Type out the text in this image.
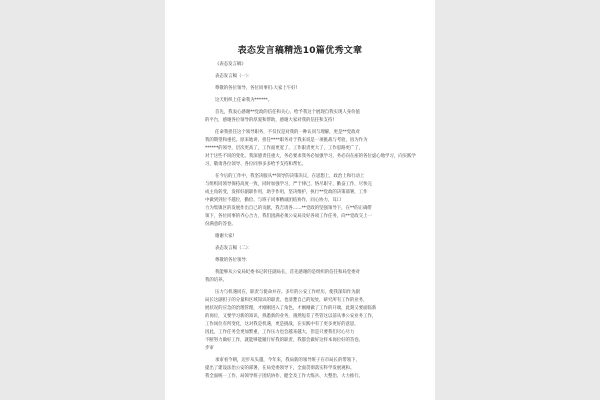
表态发言稿精选10篇优秀文章
《表态发言稿》
表态发言稿（一）：
尊敬的各位领导、各位同事们:大家上午好!
这天组织上任命我为******。
首先，我衷心感谢**党政的信任和关心，给予我这个展现自我实现人身价值
的平台，感谢各位领导的厚爱和帮助，感谢大家对我的信任和支持!
任命我担任这个领导职务，不仅仅是对我的一种认同与理解，更是**党政对
我的期望和重托。原来地讲，担任****职务对于我来说是一项挑战与考验，因为作为
******的领导，层次更高了，工作面更宽了，工作职责更大了，工作思路更广了，
对于这些不同的变化，我深感责任重大，务必要求我务必加强学习，务必向在座的各位虚心地学习，向实践学
习，敬请各位领导、各位同事多多给予支持和帮忙。
在今后的工作中，我坚决服从**领导的决策决议，在思想上，政治上和行动上
与组织同领导保持高度一致，同时加强学习，严于律己，恪尽职守，勤奋工作，尽快完
成主角转变，发挥好副职作用，助手作用，坚决维护，执行**党政的决策部署，工作
中做到到位不越位，勤俭、与班子同事精诚团结协作，同心协力，耳口
力为集镇区的发展作出自己的贡献，我吉请各……**党政的坚强领导下，在**的正确带
领下，各位同事的齐心合力，我们团满必须公安局及好各项工作任务，向**党政交上一
份满意的答卷。
谢谢大家!
表态发言稿（二）：
尊敬的各位领导：
我能够从公安局纪委书记转任副局长，首先感谢的是组织的信任和局党委对
我的培养。
压力与机遇同在，职责与使命并存。多年的公安工作经历，使我深知作为副
局长这副担子的分量和区域知识的职责。也清楚自己的短处，研究所有工作的业务，
展状况的应急的治理管理，才刚刚进入了角色，才刚刚做了工作的开端，此刻又要面临新
的岗位，又要学习新的知识，熟悉新的业务，遇然短差了些管这以前从事公安业务工作，
工作岗位有所变化，这对我是机遇，更是挑战，在实践中有了更多更好的意思，
因此，工作任务会更加繁重，工作压力也会越来越大，但是只要我们尽心尽力
不断努力做好工作，就能够能履行好我的职责，我都会做好这样本岗位好的答卷。
步审
承审看今朝，迈步从头越，今年来，我局新的领导班子在市局长的带领下，
提出了建设法治公安的部署，在局党委领导下，全面贯彻落实科学发展观和。
我全面统一工作，局领导班子团结协作，健全及工作大练兵、大整治，大力推行。
